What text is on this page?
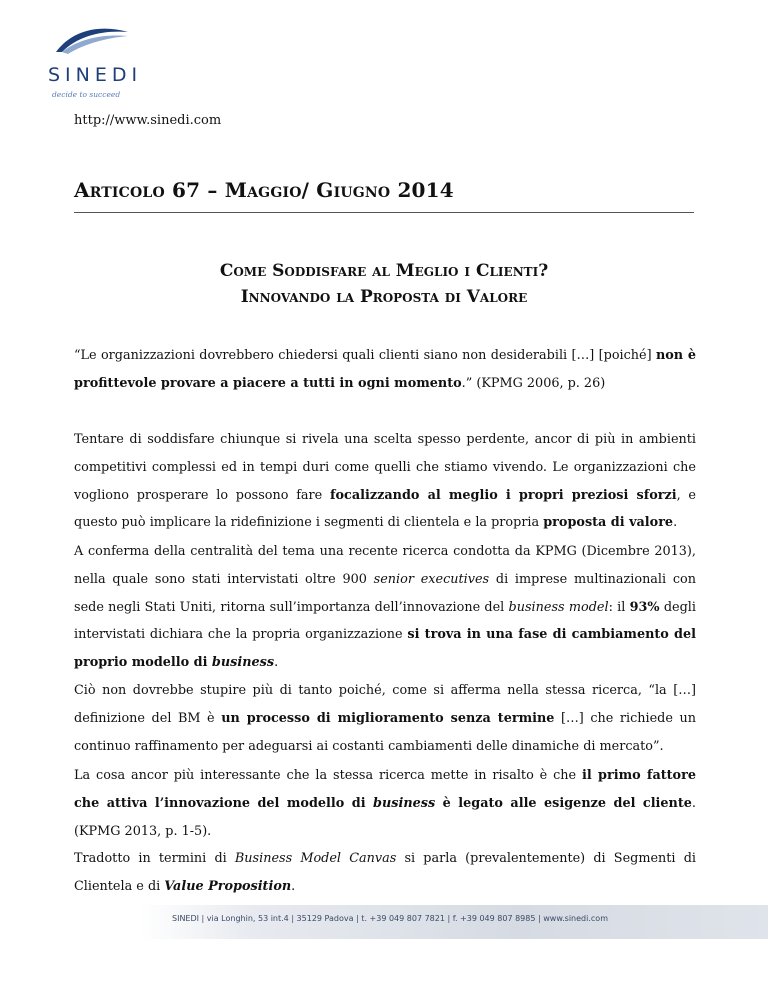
SINEDI
decide to succeed
http://www.sinedi.com
Articolo 67 – Maggio/ Giugno 2014
Come Soddisfare al Meglio i Clienti?
Innovando la Proposta di Valore

“Le organizzazioni dovrebbero chiedersi quali clienti siano non desiderabili […] [poiché] non è profittevole provare a piacere a tutti in ogni momento.” (KPMG 2006, p. 26)

Tentare di soddisfare chiunque si rivela una scelta spesso perdente, ancor di più in ambienti competitivi complessi ed in tempi duri come quelli che stiamo vivendo. Le organizzazioni che vogliono prosperare lo possono fare focalizzando al meglio i propri preziosi sforzi, e questo può implicare la ridefinizione i segmenti di clientela e la propria proposta di valore.

A conferma della centralità del tema una recente ricerca condotta da KPMG (Dicembre 2013), nella quale sono stati intervistati oltre 900 senior executives di imprese multinazionali con sede negli Stati Uniti, ritorna sull’importanza dell’innovazione del business model: il 93% degli intervistati dichiara che la propria organizzazione si trova in una fase di cambiamento del proprio modello di business.

Ciò non dovrebbe stupire più di tanto poiché, come si afferma nella stessa ricerca, “la […] definizione del BM è un processo di miglioramento senza termine […] che richiede un continuo raffinamento per adeguarsi ai costanti cambiamenti delle dinamiche di mercato”.

La cosa ancor più interessante che la stessa ricerca mette in risalto è che il primo fattore che attiva l’innovazione del modello di business è legato alle esigenze del cliente. (KPMG 2013, p. 1-5).

Tradotto in termini di Business Model Canvas si parla (prevalentemente) di Segmenti di Clientela e di Value Proposition.

SINEDI | via Longhin, 53 int.4 | 35129 Padova | t. +39 049 807 7821 | f. +39 049 807 8985 | www.sinedi.com
